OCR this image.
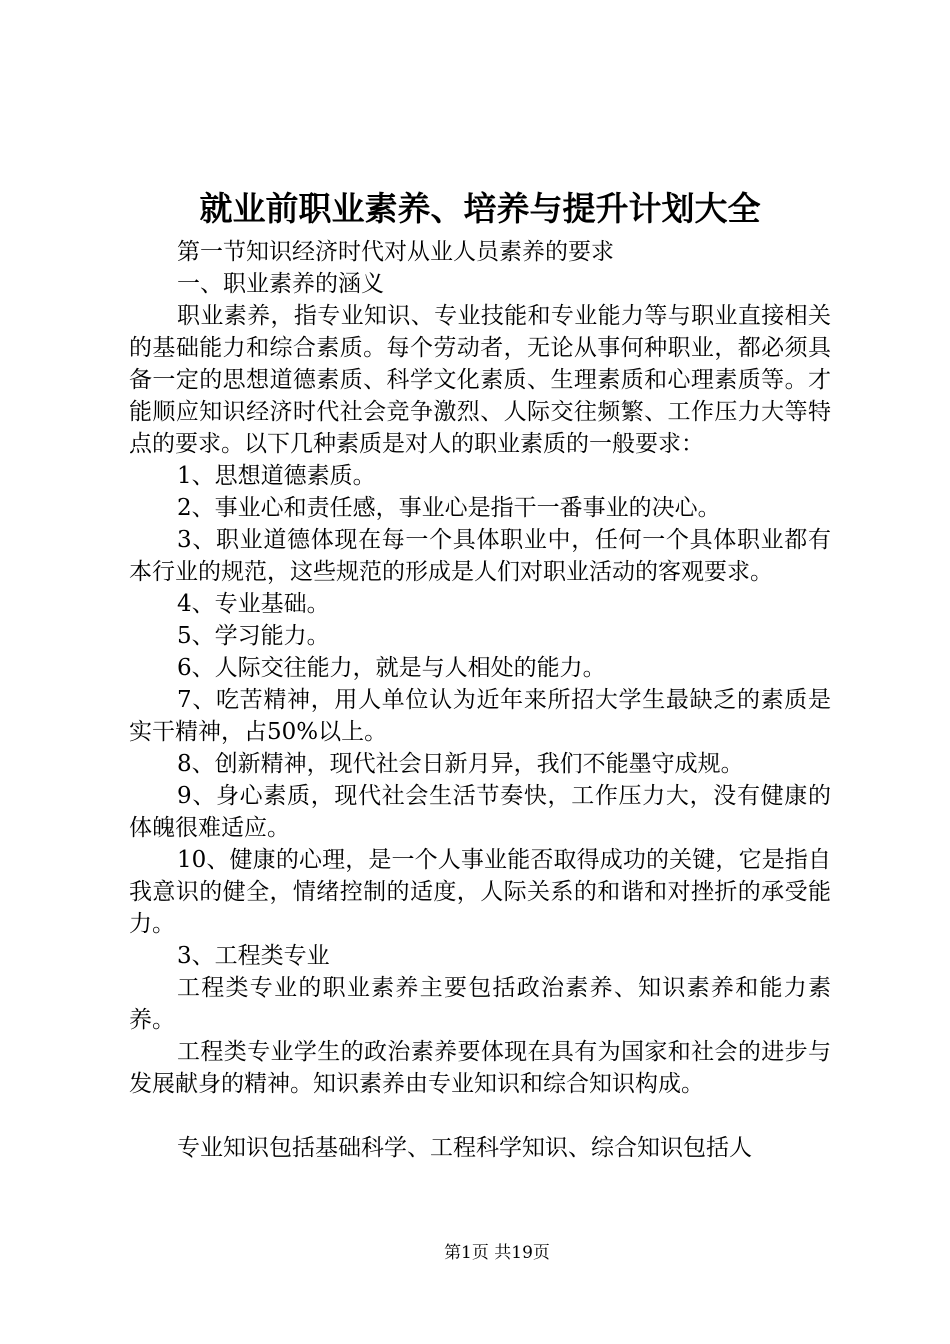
就业前职业素养、培养与提升计划大全

第一节知识经济时代对从业人员素养的要求

一、职业素养的涵义

职业素养，指专业知识、专业技能和专业能力等与职业直接相关的基础能力和综合素质。每个劳动者，无论从事何种职业，都必须具备一定的思想道德素质、科学文化素质、生理素质和心理素质等。才能顺应知识经济时代社会竞争激烈、人际交往频繁、工作压力大等特点的要求。以下几种素质是对人的职业素质的一般要求：

1、思想道德素质。

2、事业心和责任感，事业心是指干一番事业的决心。

3、职业道德体现在每一个具体职业中，任何一个具体职业都有本行业的规范，这些规范的形成是人们对职业活动的客观要求。

4、专业基础。

5、学习能力。

6、人际交往能力，就是与人相处的能力。

7、吃苦精神，用人单位认为近年来所招大学生最缺乏的素质是实干精神，占50%以上。

8、创新精神，现代社会日新月异，我们不能墨守成规。

9、身心素质，现代社会生活节奏快，工作压力大，没有健康的体魄很难适应。

10、健康的心理，是一个人事业能否取得成功的关键，它是指自我意识的健全，情绪控制的适度，人际关系的和谐和对挫折的承受能力。

3、工程类专业

工程类专业的职业素养主要包括政治素养、知识素养和能力素养。

工程类专业学生的政治素养要体现在具有为国家和社会的进步与发展献身的精神。知识素养由专业知识和综合知识构成。

专业知识包括基础科学、工程科学知识、综合知识包括人

第1页 共19页
